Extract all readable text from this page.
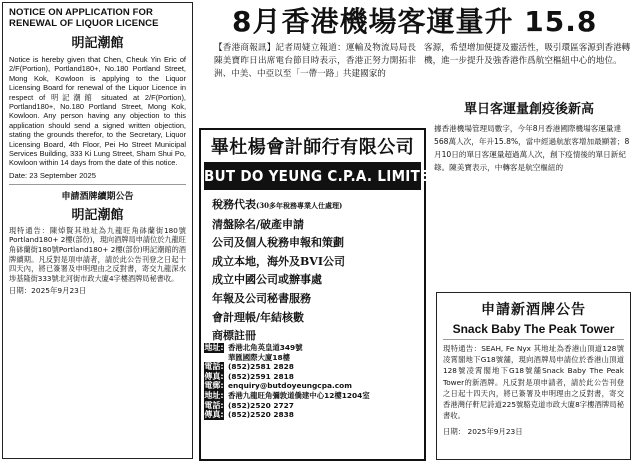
NOTICE ON APPLICATION FOR RENEWAL OF LIQUOR LICENCE
明記潮館
Notice is hereby given that Chen, Cheuk Yin Eric of 2/F(Portion), Portland180+, No.180 Portland Street, Mong Kok, Kowloon is applying to the Liquor Licensing Board for renewal of the Liquor Licence in respect of 明記潮館 situated at 2/F(Portion), Portland180+, No.180 Portland Street, Mong Kok, Kowloon. Any person having any objection to this application should send a signed written objection, stating the grounds therefor, to the Secretary, Liquor Licensing Board, 4th Floor, Pei Ho Street Municipal Services Building, 333 Ki Lung Street, Sham Shui Po, Kowloon within 14 days from the date of this notice.
Date: 23 September 2025
申請酒牌續期公告
明記潮館
現特通告：陳焯賢其地址為九龍旺角砵蘭街180號Portland180+ 2樓(部份)，現向酒牌局申請位於九龍旺角砵蘭街180號Portland180+ 2樓(部份)明記潮館的酒牌續期。凡反對是項申請者，請於此公告刊登之日起十四天內，將已簽署及申明理由之反對書，寄交九龍深水埗基隆街333號北河街市政大廈4字樓酒牌局秘書收。
日期：2025年9月23日
8月香港機場客運量升 15.8
【香港商報訊】記者周婕立報道：運輸及物流局局長陳美寶昨日出席電台節目時表示，香港正努力開拓非洲、中美、中亞以至「一帶一路」共建國家的
客源，希望增加便捷及靈活性，吸引環區客源到香港轉機，進一步提升及強香港作爲航空樞紐中心的地位。
單日客運量創疫後新高
據香港機場管理局數字，今年8月香港國際機場客運量達568萬人次，年升15.8%，當中經過航旅客增加最顯著；8月10日的單日客運量超過萬人次，創下疫情後的單日新紀錄。陳美寶表示，中轉客是航空樞紐的
畢杜楊會計師行有限公司
BUT DO YEUNG C.P.A. LIMITED
稅務代表(30多年稅務專業人仕處理)
清盤除名/破產申請
公司及個人稅務申報和策劃
成立本地，海外及BVI公司
成立中國公司或辦事處
年報及公司秘書服務
會計理帳/年結核數
商標註冊
地址: 香港北角英皇道349號
華匯國際大廈18樓
電話: (852)2581 2828
傳真: (852)2591 2818
電郵: enquiry@butdoyeungcpa.com
地址: 香港九龍旺角彌敦道僑建中心12樓1204室
電話: (852)2520 2727
傳真: (852)2520 2838
申請新酒牌公告
Snack Baby The Peak Tower
現特通告：SEAH, Fe Nyx 其地址為香港山頂道128號凌霄閣地下G18號舖，現向酒牌局申請位於香港山頂道128號凌霄閣地下G18號舖Snack Baby The Peak Tower的新酒牌。凡反對是項申請者，請於此公告刊登之日起十四天內，將已簽署及申明理由之反對書，寄交香港灣仔軒尼詩道225號駱克道市政大廈8字樓酒牌局秘書收。
日期： 2025年9月23日
